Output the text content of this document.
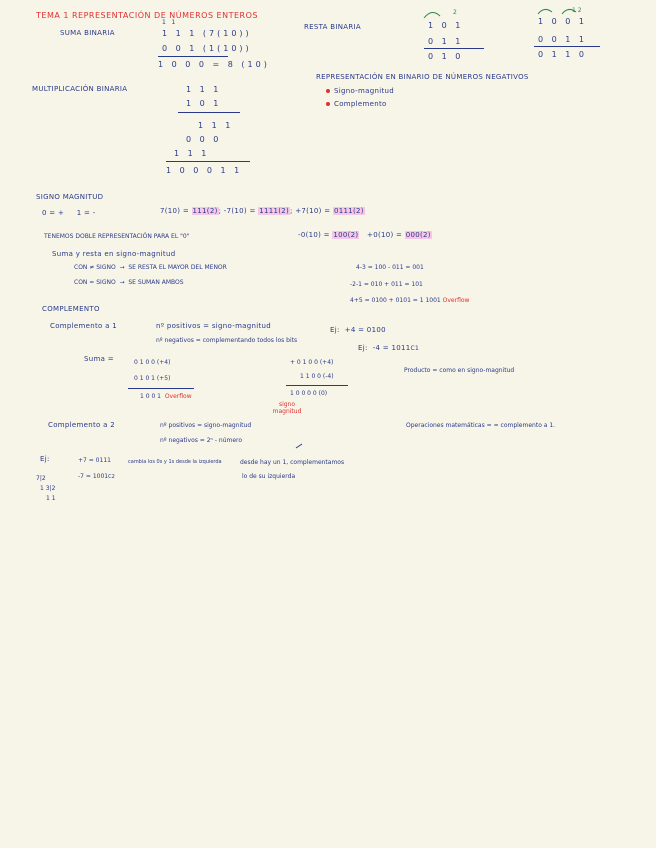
TEMA 1 REPRESENTACIÓN DE NÚMEROS ENTEROS
SUMA BINARIA
1   1
1 1 1 (7(10))
0 0 1 (1(10))
1 0 0 0 = 8 (10)
RESTA BINARIA
2
1 0 1
0 1 1
0 1 0
1 2
1 0 0 1
0 0 1 1
0 1 1 0
MULTIPLICACIÓN BINARIA	1 1 1
1 0 1
1 1 1
0 0 0
1 1 1
1 0 0 0 1 1
REPRESENTACIÓN EN BINARIO DE NÚMEROS NEGATIVOS
Signo-magnitud
Complemento
SIGNO MAGNITUD
0 = +     1 = -	7(10) = 111(2); -7(10) = 1111(2); +7(10) = 0111(2)
TENEMOS DOBLE REPRESENTACIÓN PARA EL "0"	-0(10) = 100(2) +0(10) = 000(2)
Suma y resta en signo-magnitud
CON ≠ SIGNO  →  SE RESTA EL MAYOR DEL MENOR
CON = SIGNO  →  SE SUMAN AMBOS
4-3 = 100 - 011 = 001
-2-1 = 010 + 011 = 101
4+5 = 0100 + 0101 = 1 1001 Overflow
COMPLEMENTO
Complemento a 1	nº positivos = signo-magnitud
nº negativos = complementando todos los bits
Ej:  +4 = 0100
Ej:  -4 = 1011C1
Suma =	0 1 0 0 (+4)
0 1 0 1 (+5)
1 0 0 1 Overflow
+ 0 1 0 0 (+4)
1 1 0 0 (-4)
1 0 0 0 0 (0)
signo magnitud
Producto = como en signo-magnitud
Complemento a 2	nº positivos = signo-magnitud
nº negativos = 2ⁿ - número
Operaciones matemáticas = = complemento a 1.
Ej:	+7 = 0111	cambia los 0s y 1s desde la izquierda	desde hay un 1, complementamos
lo de su izquierda
-7 = 1001C2
7|2
1 3|2
1 1
